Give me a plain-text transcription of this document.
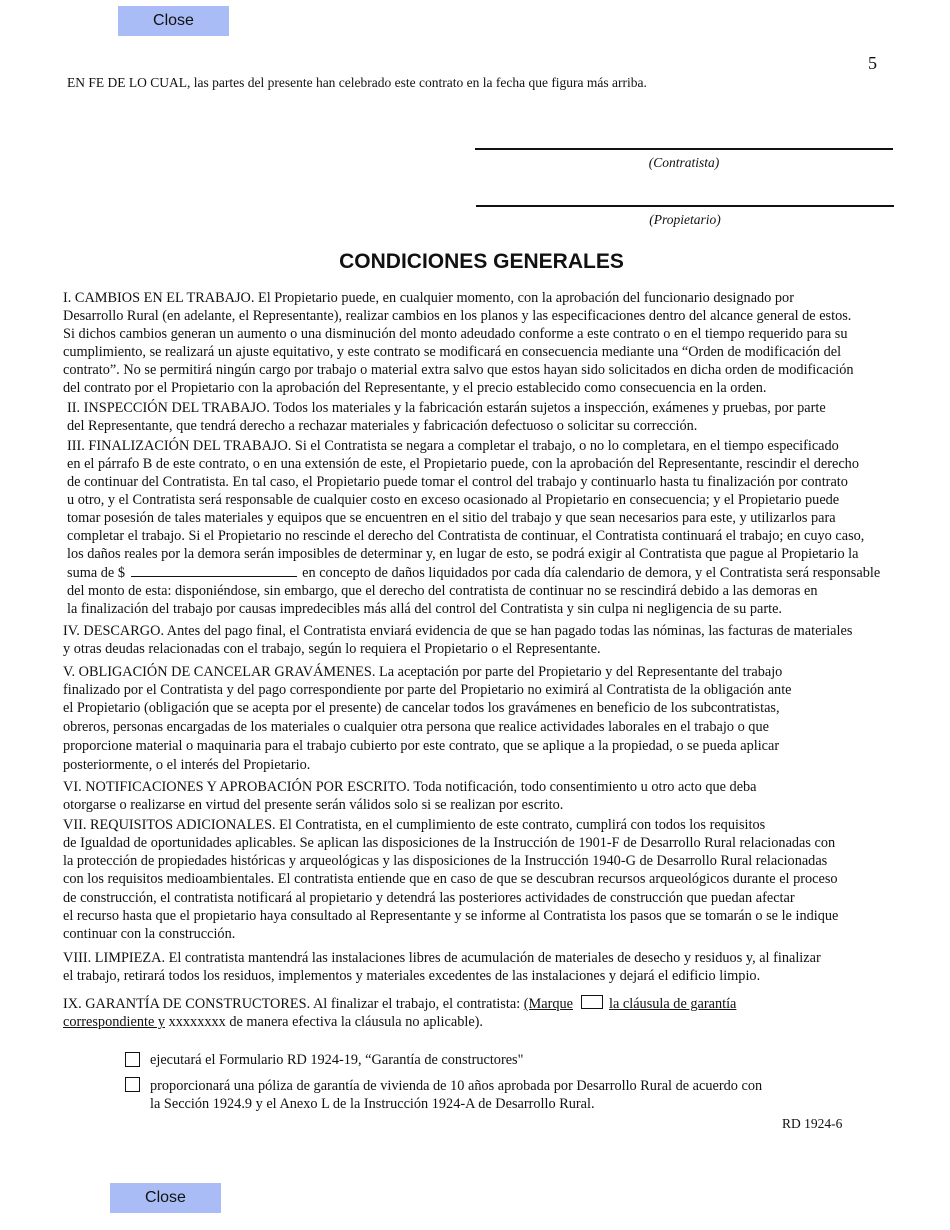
Close
5
EN FE DE LO CUAL, las partes del presente han celebrado este contrato en la fecha que figura más arriba.
(Contratista)
(Propietario)
CONDICIONES GENERALES
I. CAMBIOS EN EL TRABAJO. El Propietario puede, en cualquier momento, con la aprobación del funcionario designado por
Desarrollo Rural (en adelante, el Representante), realizar cambios en los planos y las especificaciones dentro del alcance general de estos.
Si dichos cambios generan un aumento o una disminución del monto adeudado conforme a este contrato o en el tiempo requerido para su
cumplimiento, se realizará un ajuste equitativo, y este contrato se modificará en consecuencia mediante una “Orden de modificación del
contrato”. No se permitirá ningún cargo por trabajo o material extra salvo que estos hayan sido solicitados en dicha orden de modificación
del contrato por el Propietario con la aprobación del Representante, y el precio establecido como consecuencia en la orden.
II. INSPECCIÓN DEL TRABAJO. Todos los materiales y la fabricación estarán sujetos a inspección, exámenes y pruebas, por parte
del Representante, que tendrá derecho a rechazar materiales y fabricación defectuoso o solicitar su corrección.
III. FINALIZACIÓN DEL TRABAJO. Si el Contratista se negara a completar el trabajo, o no lo completara, en el tiempo especificado
en el párrafo B de este contrato, o en una extensión de este, el Propietario puede, con la aprobación del Representante, rescindir el derecho
de continuar del Contratista. En tal caso, el Propietario puede tomar el control del trabajo y continuarlo hasta tu finalización por contrato
u otro, y el Contratista será responsable de cualquier costo en exceso ocasionado al Propietario en consecuencia; y el Propietario puede
tomar posesión de tales materiales y equipos que se encuentren en el sitio del trabajo y que sean necesarios para este, y utilizarlos para
completar el trabajo. Si el Propietario no rescinde el derecho del Contratista de continuar, el Contratista continuará el trabajo; en cuyo caso,
los daños reales por la demora serán imposibles de determinar y, en lugar de esto, se podrá exigir al Contratista que pague al Propietario la
suma de $	en concepto de daños liquidados por cada día calendario de demora, y el Contratista será responsable
del monto de esta: disponiéndose, sin embargo, que el derecho del contratista de continuar no se rescindirá debido a las demoras en
la finalización del trabajo por causas impredecibles más allá del control del Contratista y sin culpa ni negligencia de su parte.
IV. DESCARGO. Antes del pago final, el Contratista enviará evidencia de que se han pagado todas las nóminas, las facturas de materiales
y otras deudas relacionadas con el trabajo, según lo requiera el Propietario o el Representante.
V. OBLIGACIÓN DE CANCELAR GRAVÁMENES. La aceptación por parte del Propietario y del Representante del trabajo
finalizado por el Contratista y del pago correspondiente por parte del Propietario no eximirá al Contratista de la obligación ante
el Propietario (obligación que se acepta por el presente) de cancelar todos los gravámenes en beneficio de los subcontratistas,
obreros, personas encargadas de los materiales o cualquier otra persona que realice actividades laborales en el trabajo o que
proporcione material o maquinaria para el trabajo cubierto por este contrato, que se aplique a la propiedad, o se pueda aplicar
posteriormente, o el interés del Propietario.
VI. NOTIFICACIONES Y APROBACIÓN POR ESCRITO. Toda notificación, todo consentimiento u otro acto que deba
otorgarse o realizarse en virtud del presente serán válidos solo si se realizan por escrito.
VII. REQUISITOS ADICIONALES. El Contratista, en el cumplimiento de este contrato, cumplirá con todos los requisitos
de Igualdad de oportunidades aplicables. Se aplican las disposiciones de la Instrucción de 1901-F de Desarrollo Rural relacionadas con
la protección de propiedades históricas y arqueológicas y las disposiciones de la Instrucción 1940-G de Desarrollo Rural relacionadas
con los requisitos medioambientales. El contratista entiende que en caso de que se descubran recursos arqueológicos durante el proceso
de construcción, el contratista notificará al propietario y detendrá las posteriores actividades de construcción que puedan afectar
el recurso hasta que el propietario haya consultado al Representante y se informe al Contratista los pasos que se tomarán o se le indique
continuar con la construcción.
VIII. LIMPIEZA. El contratista mantendrá las instalaciones libres de acumulación de materiales de desecho y residuos y, al finalizar
el trabajo, retirará todos los residuos, implementos y materiales excedentes de las instalaciones y dejará el edificio limpio.
IX. GARANTÍA DE CONSTRUCTORES. Al finalizar el trabajo, el contratista: (Marque	la cláusula de garantía
correspondiente y xxxxxxxx de manera efectiva la cláusula no aplicable).
ejecutará el Formulario RD 1924-19, “Garantía de constructores"
proporcionará una póliza de garantía de vivienda de 10 años aprobada por Desarrollo Rural de acuerdo con
la Sección 1924.9 y el Anexo L de la Instrucción 1924-A de Desarrollo Rural.
RD 1924-6
Close
